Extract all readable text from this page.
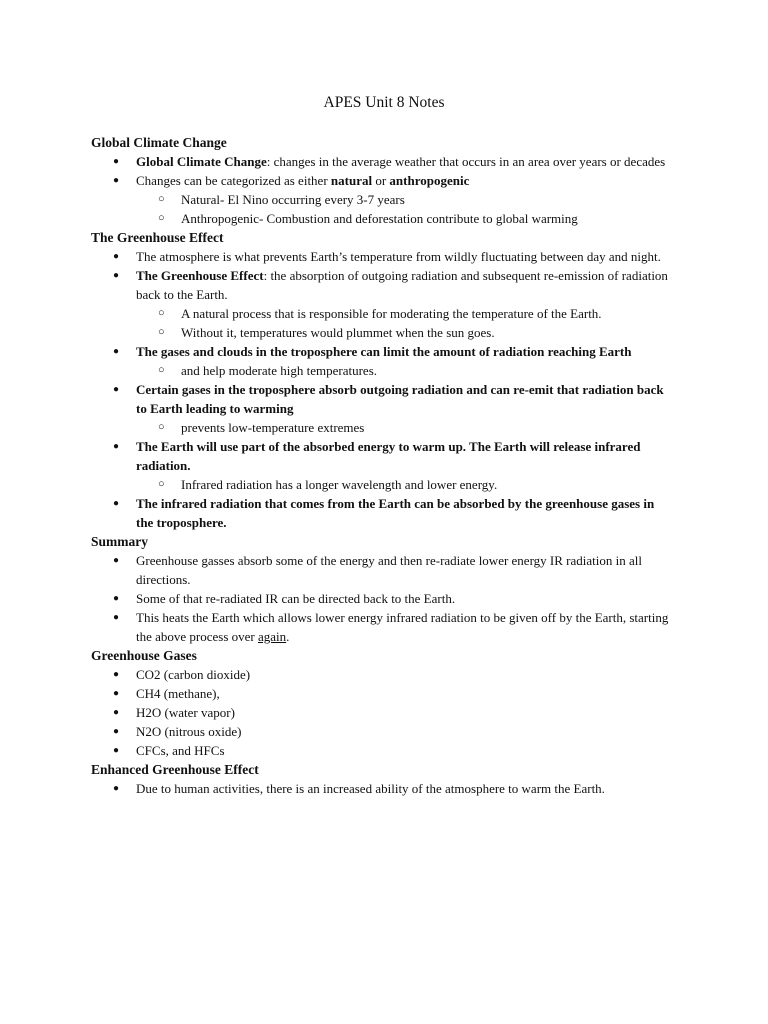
APES Unit 8 Notes
Global Climate Change
● Global Climate Change: changes in the average weather that occurs in an area over years or decades
● Changes can be categorized as either natural or anthropogenic
○ Natural- El Nino occurring every 3-7 years
○ Anthropogenic- Combustion and deforestation contribute to global warming
The Greenhouse Effect
● The atmosphere is what prevents Earth’s temperature from wildly fluctuating between day and night.
● The Greenhouse Effect: the absorption of outgoing radiation and subsequent re-emission of radiation back to the Earth.
○ A natural process that is responsible for moderating the temperature of the Earth.
○ Without it, temperatures would plummet when the sun goes.
● The gases and clouds in the troposphere can limit the amount of radiation reaching Earth
○ and help moderate high temperatures.
● Certain gases in the troposphere absorb outgoing radiation and can re-emit that radiation back to Earth leading to warming
○ prevents low-temperature extremes
● The Earth will use part of the absorbed energy to warm up. The Earth will release infrared radiation.
○ Infrared radiation has a longer wavelength and lower energy.
● The infrared radiation that comes from the Earth can be absorbed by the greenhouse gases in the troposphere.
Summary
● Greenhouse gasses absorb some of the energy and then re-radiate lower energy IR radiation in all directions.
● Some of that re-radiated IR can be directed back to the Earth.
● This heats the Earth which allows lower energy infrared radiation to be given off by the Earth, starting the above process over again.
Greenhouse Gases
● CO2 (carbon dioxide)
● CH4 (methane),
● H2O (water vapor)
● N2O (nitrous oxide)
● CFCs, and HFCs
Enhanced Greenhouse Effect
● Due to human activities, there is an increased ability of the atmosphere to warm the Earth.
